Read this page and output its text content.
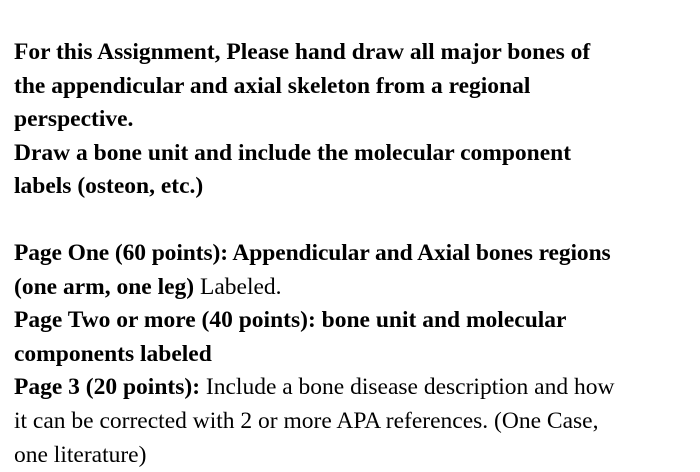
For this Assignment, Please hand draw all major bones of
the appendicular and axial skeleton from a regional
perspective.
Draw a bone unit and include the molecular component
labels (osteon, etc.)
Page One (60 points): Appendicular and Axial bones regions
(one arm, one leg) Labeled.
Page Two or more (40 points): bone unit and molecular
components labeled
Page 3 (20 points): Include a bone disease description and how
it can be corrected with 2 or more APA references. (One Case,
one literature)
